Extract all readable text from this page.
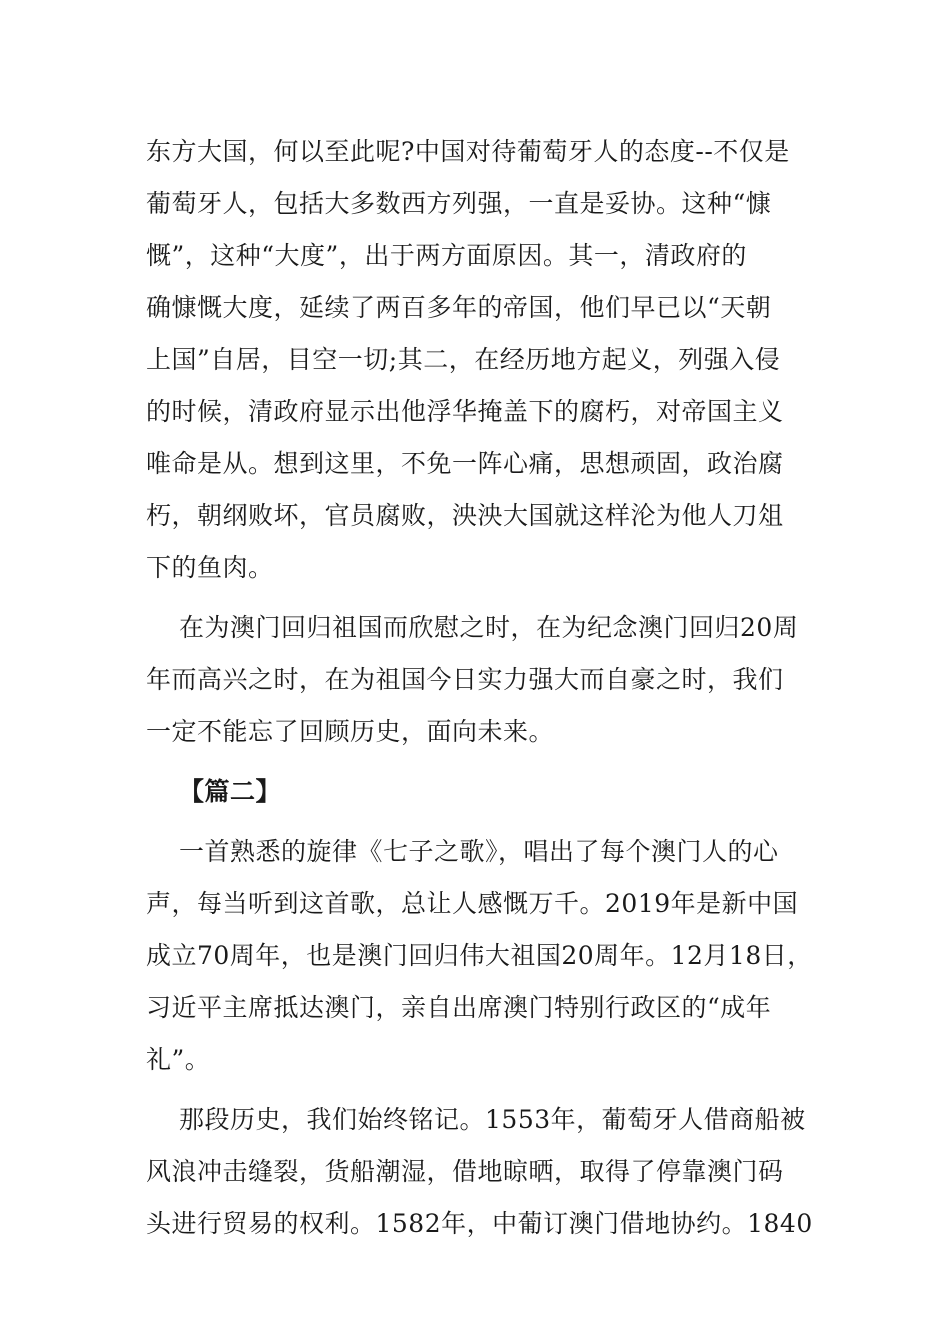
东方大国，何以至此呢?中国对待葡萄牙人的态度--不仅是
葡萄牙人，包括大多数西方列强，一直是妥协。这种“慷
慨”，这种“大度”，出于两方面原因。其一，清政府的
确慷慨大度，延续了两百多年的帝国，他们早已以“天朝
上国”自居，目空一切;其二，在经历地方起义，列强入侵
的时候，清政府显示出他浮华掩盖下的腐朽，对帝国主义
唯命是从。想到这里，不免一阵心痛，思想顽固，政治腐
朽，朝纲败坏，官员腐败，泱泱大国就这样沦为他人刀俎
下的鱼肉。
在为澳门回归祖国而欣慰之时，在为纪念澳门回归20周
年而高兴之时，在为祖国今日实力强大而自豪之时，我们
一定不能忘了回顾历史，面向未来。
【篇二】
一首熟悉的旋律《七子之歌》，唱出了每个澳门人的心
声，每当听到这首歌，总让人感慨万千。2019年是新中国
成立70周年，也是澳门回归伟大祖国20周年。12月18日，
习近平主席抵达澳门，亲自出席澳门特别行政区的“成年
礼”。
那段历史，我们始终铭记。1553年，葡萄牙人借商船被
风浪冲击缝裂，货船潮湿，借地晾晒，取得了停靠澳门码
头进行贸易的权利。1582年，中葡订澳门借地协约。1840
